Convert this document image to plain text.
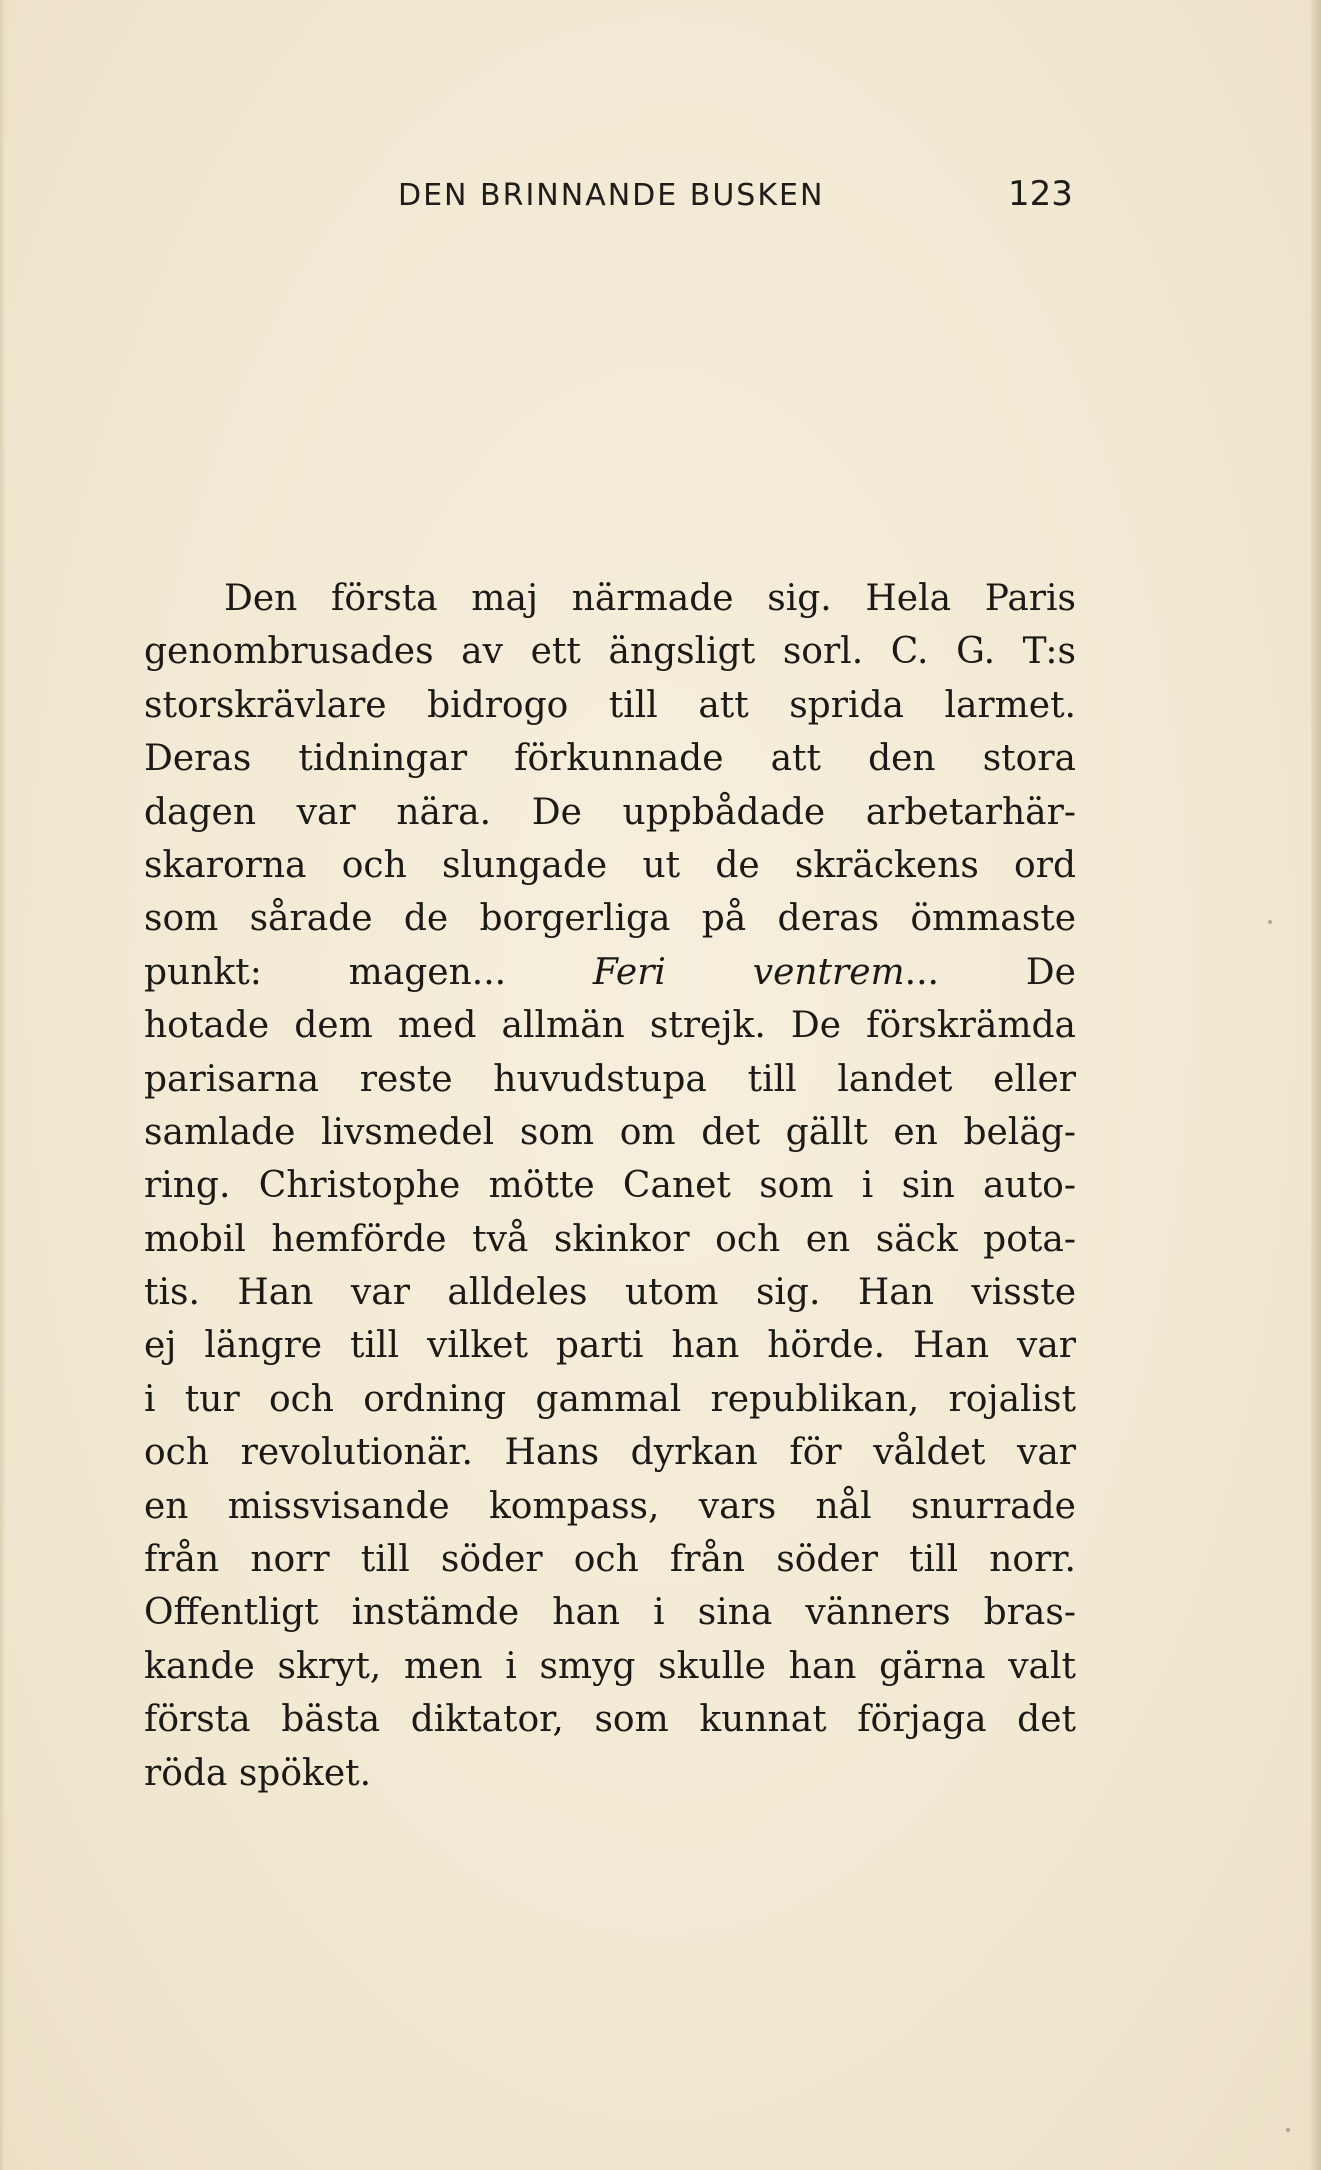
DEN BRINNANDE BUSKEN	123
Den första maj närmade sig. Hela Paris
genombrusades av ett ängsligt sorl. C. G. T:s
storskrävlare bidrogo till att sprida larmet.
Deras tidningar förkunnade att den stora
dagen var nära. De uppbådade arbetarhär-
skarorna och slungade ut de skräckens ord
som sårade de borgerliga på deras ömmaste
punkt: magen... Feri ventrem... De
hotade dem med allmän strejk. De förskrämda
parisarna reste huvudstupa till landet eller
samlade livsmedel som om det gällt en beläg-
ring. Christophe mötte Canet som i sin auto-
mobil hemförde två skinkor och en säck pota-
tis. Han var alldeles utom sig. Han visste
ej längre till vilket parti han hörde. Han var
i tur och ordning gammal republikan, rojalist
och revolutionär. Hans dyrkan för våldet var
en missvisande kompass, vars nål snurrade
från norr till söder och från söder till norr.
Offentligt instämde han i sina vänners bras-
kande skryt, men i smyg skulle han gärna valt
första bästa diktator, som kunnat förjaga det
röda spöket.
